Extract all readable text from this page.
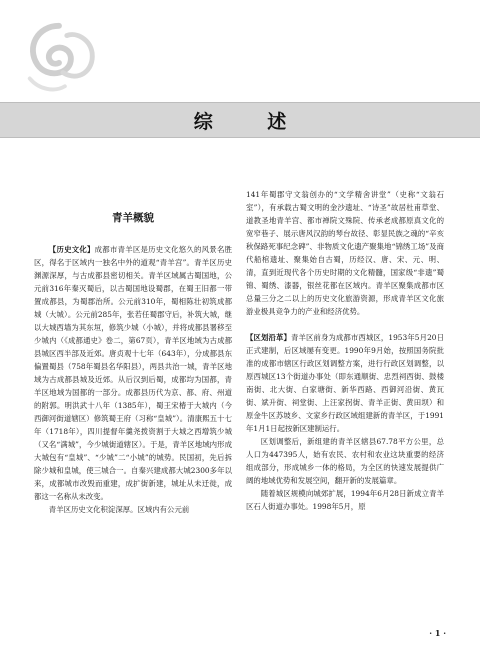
综 述
青羊概貌

【历史文化】成都市青羊区是历史文化悠久的风景名胜区，得名于区域内一独名中外的道观“青羊宫”。青羊区历史渊源深厚，与古成都县密切相关。青羊区域属古蜀国地，公元前316年秦灭蜀后，以古蜀国地设蜀郡，在蜀王旧都一带置成都县，为蜀郡治所。公元前310年，蜀相陈壮初筑成都城（大城）。公元前285年，张若任蜀郡守后，补筑大城，继以大城西墙为其东垣，修筑少城（小城），并将成都县署移至少城内（《成都通史》卷二，第67页），青羊区地域为古成都县城区西半部及近郊。唐贞观十七年（643年），分成都县东偏置蜀县（758年蜀县名华阳县），两县共治一城，青羊区地域为古成都县城及近郊。从后汉到后蜀，成都均为国都，青羊区地域为国都的一部分。成都县历代为京、都、府、州道的附郭。明洪武十八年（1385年），蜀王宋椿于大城内（今西御河街道辖区）修筑蜀王府（习称“皇城”）。清康熙五十七年（1718年），四川提督年羹尧拨资割于大城之西增筑少城（又名“满城”，今少城街道辖区）。于是，青羊区地域内形成大城包有“皇城”、“少城”二“小城”的城势。民国初，先后拆除少城和皇城，使三城合一。自秦兴建成都大城2300多年以来，成都城市改毁而重建，成扩街新建，城址从未迁徙，成都这一名称从未改变。

青羊区历史文化积淀深厚。区域内有公元前

141年蜀郡守文翁创办的“文学精舍讲堂”（史称“文翁石室”），有承载古蜀文明的金沙遗址、“诗圣”故居杜甫草堂、道教圣地青羊宫、都市禅院文殊院、传承老成都原真文化的宽窄巷子、展示唐风汉韵的琴台故径、彰显民族之魂的“辛亥秋保路死事纪念碑”、非物质文化遗产聚集地“锦绣工场”及商代船棺遗址、聚集始自古蜀，历经汉、唐、宋、元、明、清，直到近现代各个历史时期的文化精髓，国家级“非遗”蜀锦、蜀绣、漆器，银丝花都在区域内。青羊区聚集成都市区总量三分之二以上的历史文化旅游资源，形成青羊区文化旅游业极具竞争力的产业和经济优势。

【区划沿革】青羊区前身为成都市西城区，1953年5月20日正式建制，后区域屡有变更。1990年9月始，按照国务院批准的成都市辖区行政区划调整方案，进行行政区划调整，以原西城区13个街道办事处（即东通顺街、忠烈祠西街、鼓楼南街、北大街、白家塘街、新华西路、西御河沿街、黄瓦街、斌升街、祠堂街、上汪家拐街、青羊正街、黄田坝）和原金牛区苏坡乡、文家乡行政区域组建新的青羊区，于1991年1月1日起按新区建制运行。

区划调整后，新组建的青羊区辖县67.78平方公里，总人口为447395人，始有农民、农村和农业这块重要的经济组成部分，形成城乡一体的格局，为全区的快速发展提供广阔的地域优势和发展空间，翻开新的发展篇章。

随着城区规模向城郊扩展，1994年6月28日新成立青羊区石人街道办事处。1998年5月，原

· 1 ·
